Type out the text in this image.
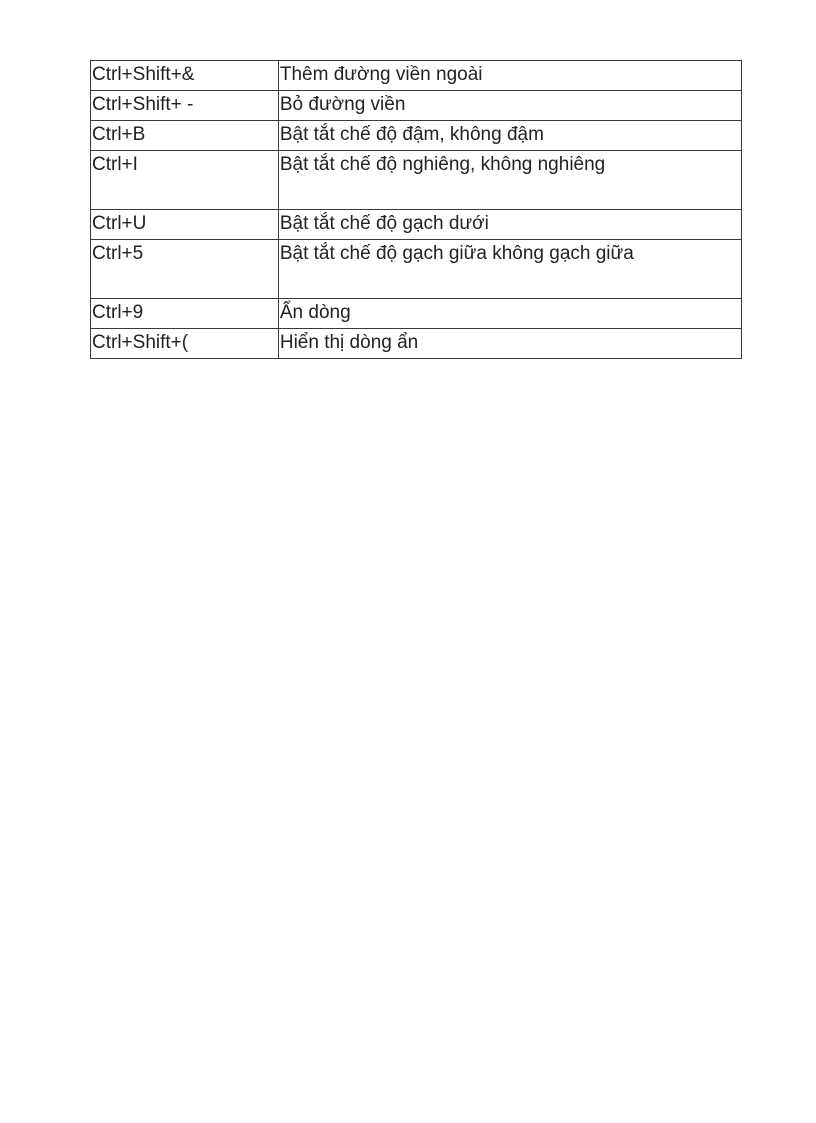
Ctrl+Shift+&	Thêm đường viền ngoài
Ctrl+Shift+ -	Bỏ đường viền
Ctrl+B	Bật tắt chế độ đậm, không đậm
Ctrl+I	Bật tắt chế độ nghiêng, không nghiêng
Ctrl+U	Bật tắt chế độ gạch dưới
Ctrl+5	Bật tắt chế độ gạch giữa không gạch giữa
Ctrl+9	Ẩn dòng
Ctrl+Shift+(	Hiển thị dòng ẩn
